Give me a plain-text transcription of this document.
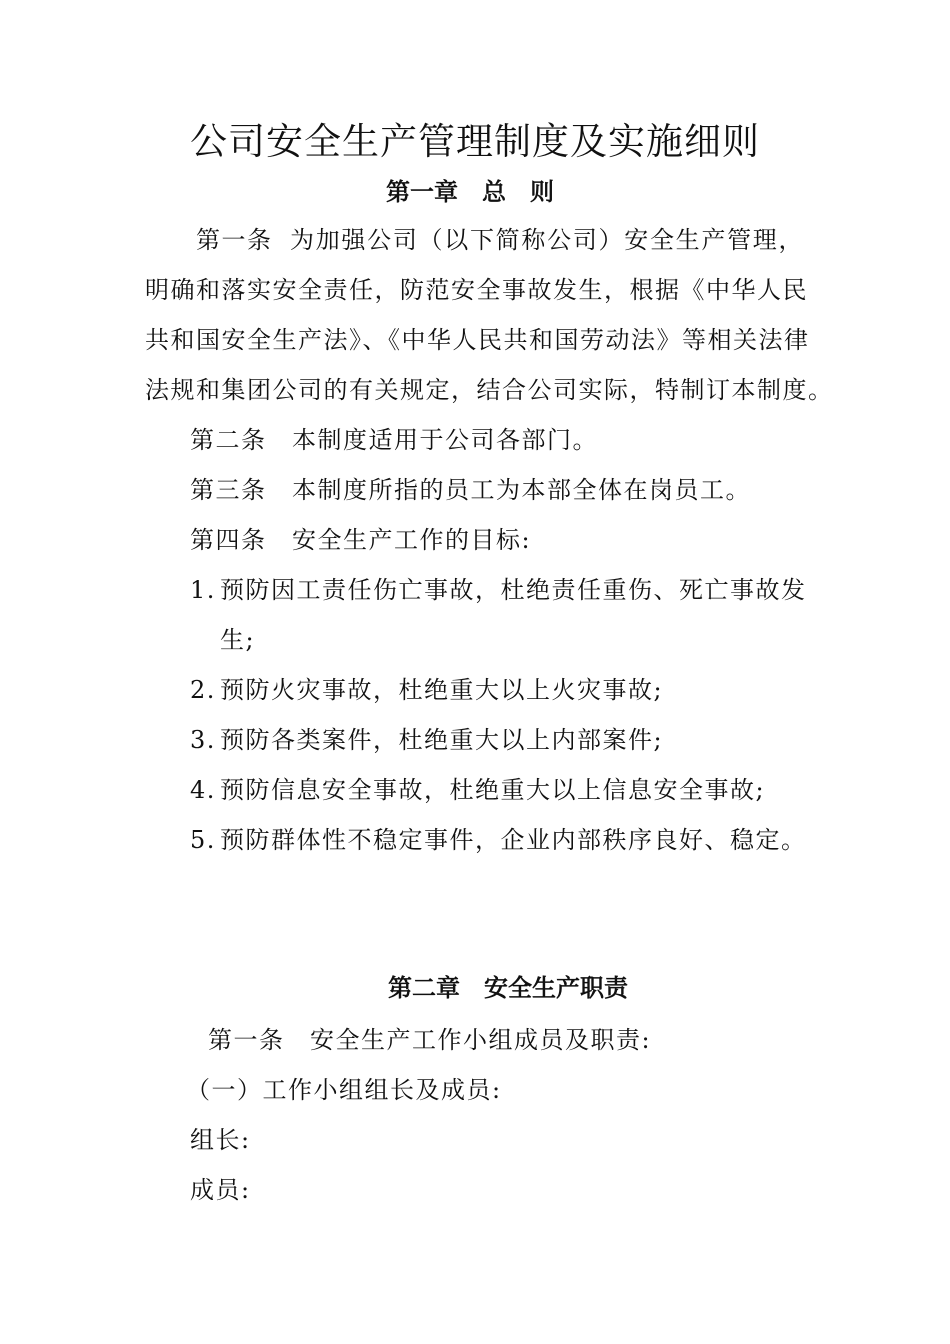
公司安全生产管理制度及实施细则
第一章　总　则
第一条 为加强公司（以下简称公司）安全生产管理，
明确和落实安全责任，防范安全事故发生，根据《中华人民
共和国安全生产法》、《中华人民共和国劳动法》等相关法律
法规和集团公司的有关规定，结合公司实际，特制订本制度。
第二条 本制度适用于公司各部门。
第三条 本制度所指的员工为本部全体在岗员工。
第四条 安全生产工作的目标:
1. 预防因工责任伤亡事故，杜绝责任重伤、死亡事故发
生;
2. 预防火灾事故，杜绝重大以上火灾事故;
3. 预防各类案件，杜绝重大以上内部案件;
4. 预防信息安全事故，杜绝重大以上信息安全事故;
5. 预防群体性不稳定事件，企业内部秩序良好、稳定。
第二章　安全生产职责
第一条 安全生产工作小组成员及职责:
（一）工作小组组长及成员:
组长:
成员:
